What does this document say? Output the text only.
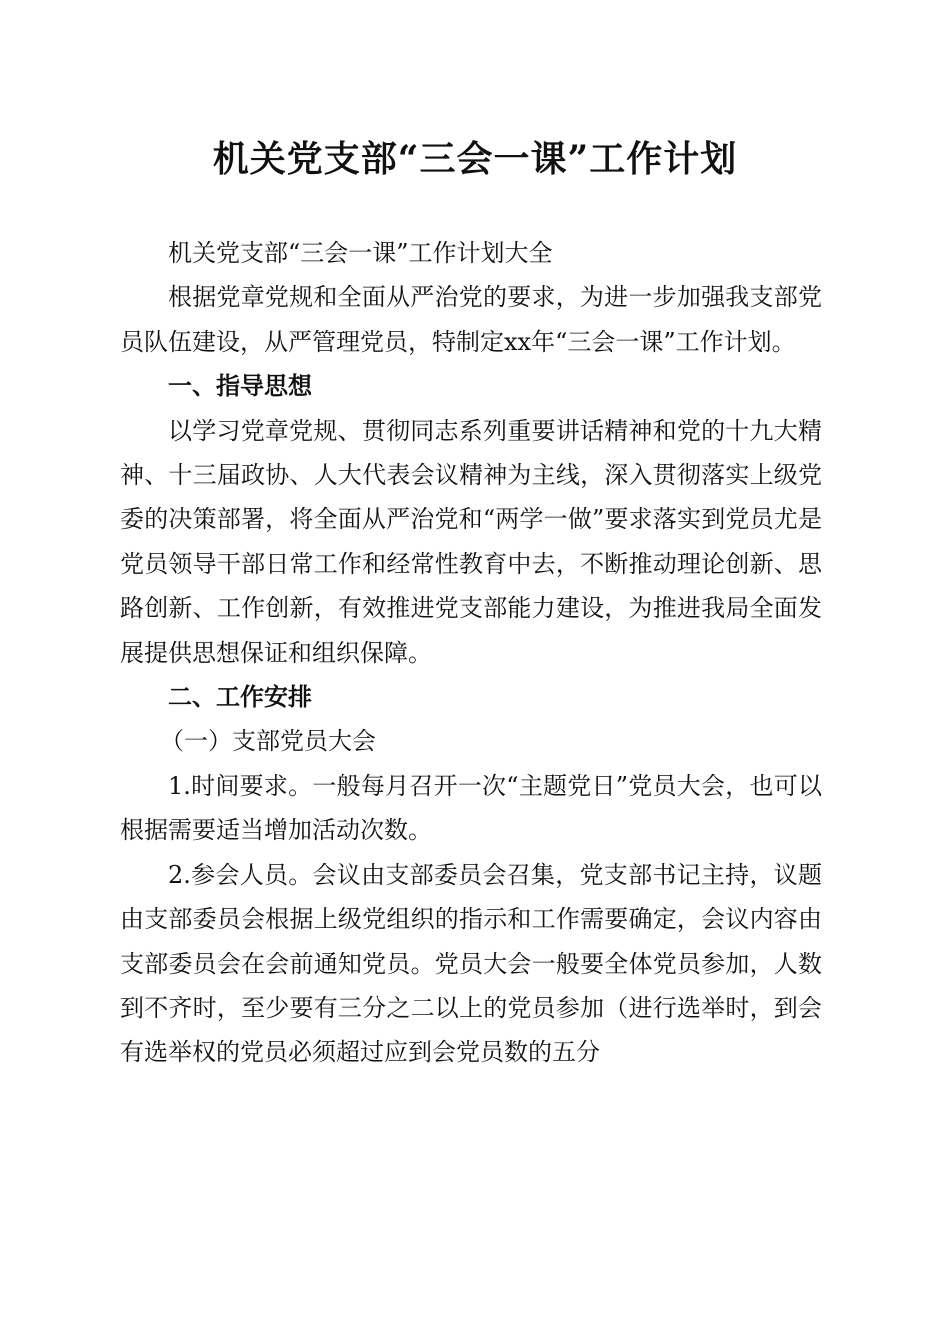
机关党支部“三会一课”工作计划

机关党支部“三会一课”工作计划大全

根据党章党规和全面从严治党的要求，为进一步加强我支部党员队伍建设，从严管理党员，特制定xx年“三会一课”工作计划。

一、指导思想

以学习党章党规、贯彻同志系列重要讲话精神和党的十九大精神、十三届政协、人大代表会议精神为主线，深入贯彻落实上级党委的决策部署，将全面从严治党和“两学一做”要求落实到党员尤是党员领导干部日常工作和经常性教育中去，不断推动理论创新、思路创新、工作创新，有效推进党支部能力建设，为推进我局全面发展提供思想保证和组织保障。

二、工作安排

（一）支部党员大会

1.时间要求。一般每月召开一次“主题党日”党员大会，也可以根据需要适当增加活动次数。

2.参会人员。会议由支部委员会召集，党支部书记主持，议题由支部委员会根据上级党组织的指示和工作需要确定，会议内容由支部委员会在会前通知党员。党员大会一般要全体党员参加，人数到不齐时，至少要有三分之二以上的党员参加（进行选举时，到会有选举权的党员必须超过应到会党员数的五分
